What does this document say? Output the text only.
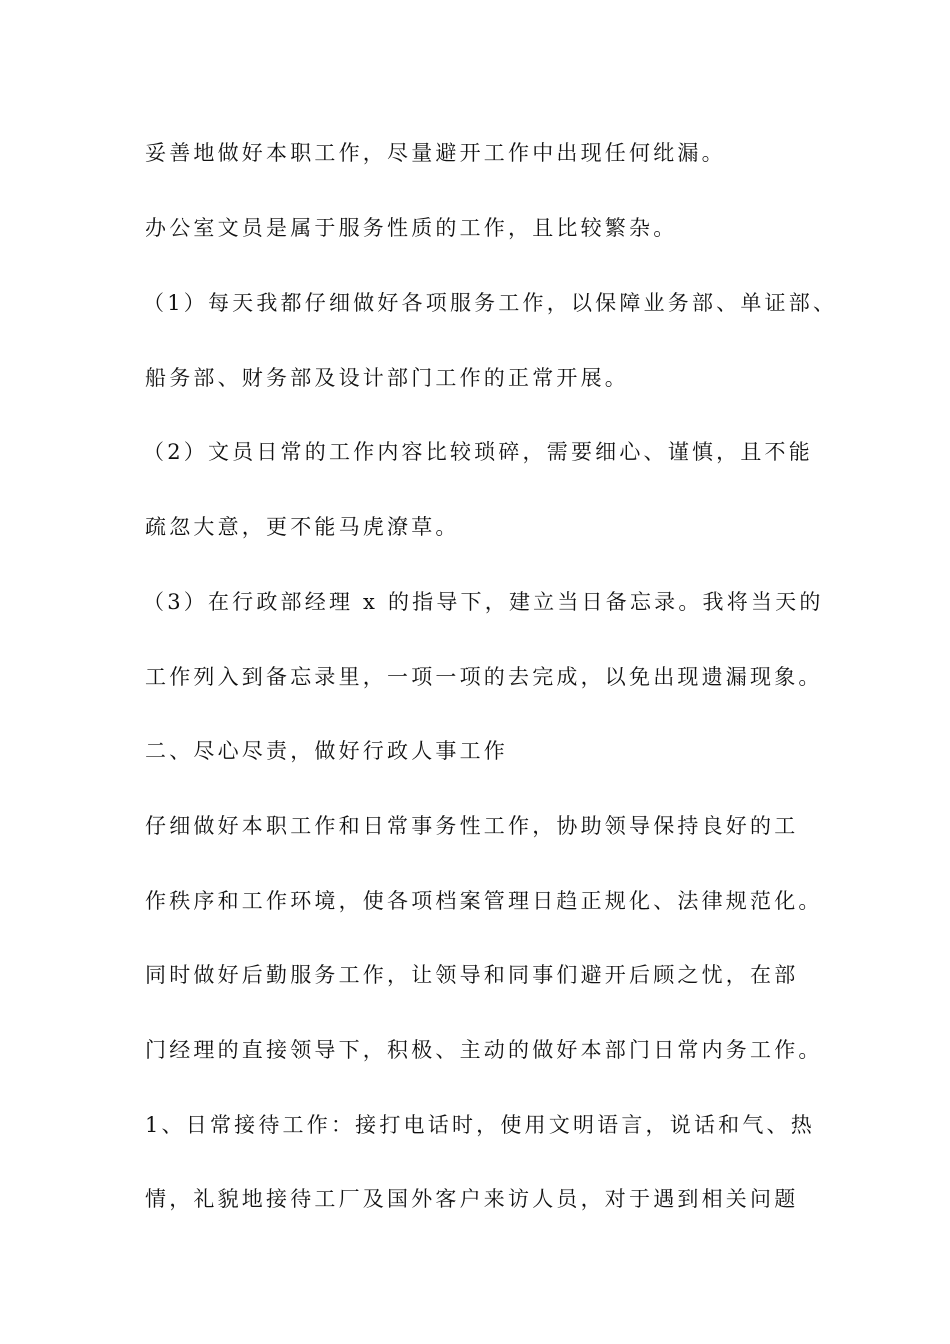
妥善地做好本职工作，尽量避开工作中出现任何纰漏。
办公室文员是属于服务性质的工作，且比较繁杂。
（1）每天我都仔细做好各项服务工作，以保障业务部、单证部、
船务部、财务部及设计部门工作的正常开展。
（2）文员日常的工作内容比较琐碎，需要细心、谨慎，且不能
疏忽大意，更不能马虎潦草。
（3）在行政部经理 x 的指导下，建立当日备忘录。我将当天的
工作列入到备忘录里，一项一项的去完成，以免出现遗漏现象。
二、尽心尽责，做好行政人事工作
仔细做好本职工作和日常事务性工作，协助领导保持良好的工
作秩序和工作环境，使各项档案管理日趋正规化、法律规范化。
同时做好后勤服务工作，让领导和同事们避开后顾之忧，在部
门经理的直接领导下，积极、主动的做好本部门日常内务工作。
1、日常接待工作：接打电话时，使用文明语言，说话和气、热
情，礼貌地接待工厂及国外客户来访人员，对于遇到相关问题
